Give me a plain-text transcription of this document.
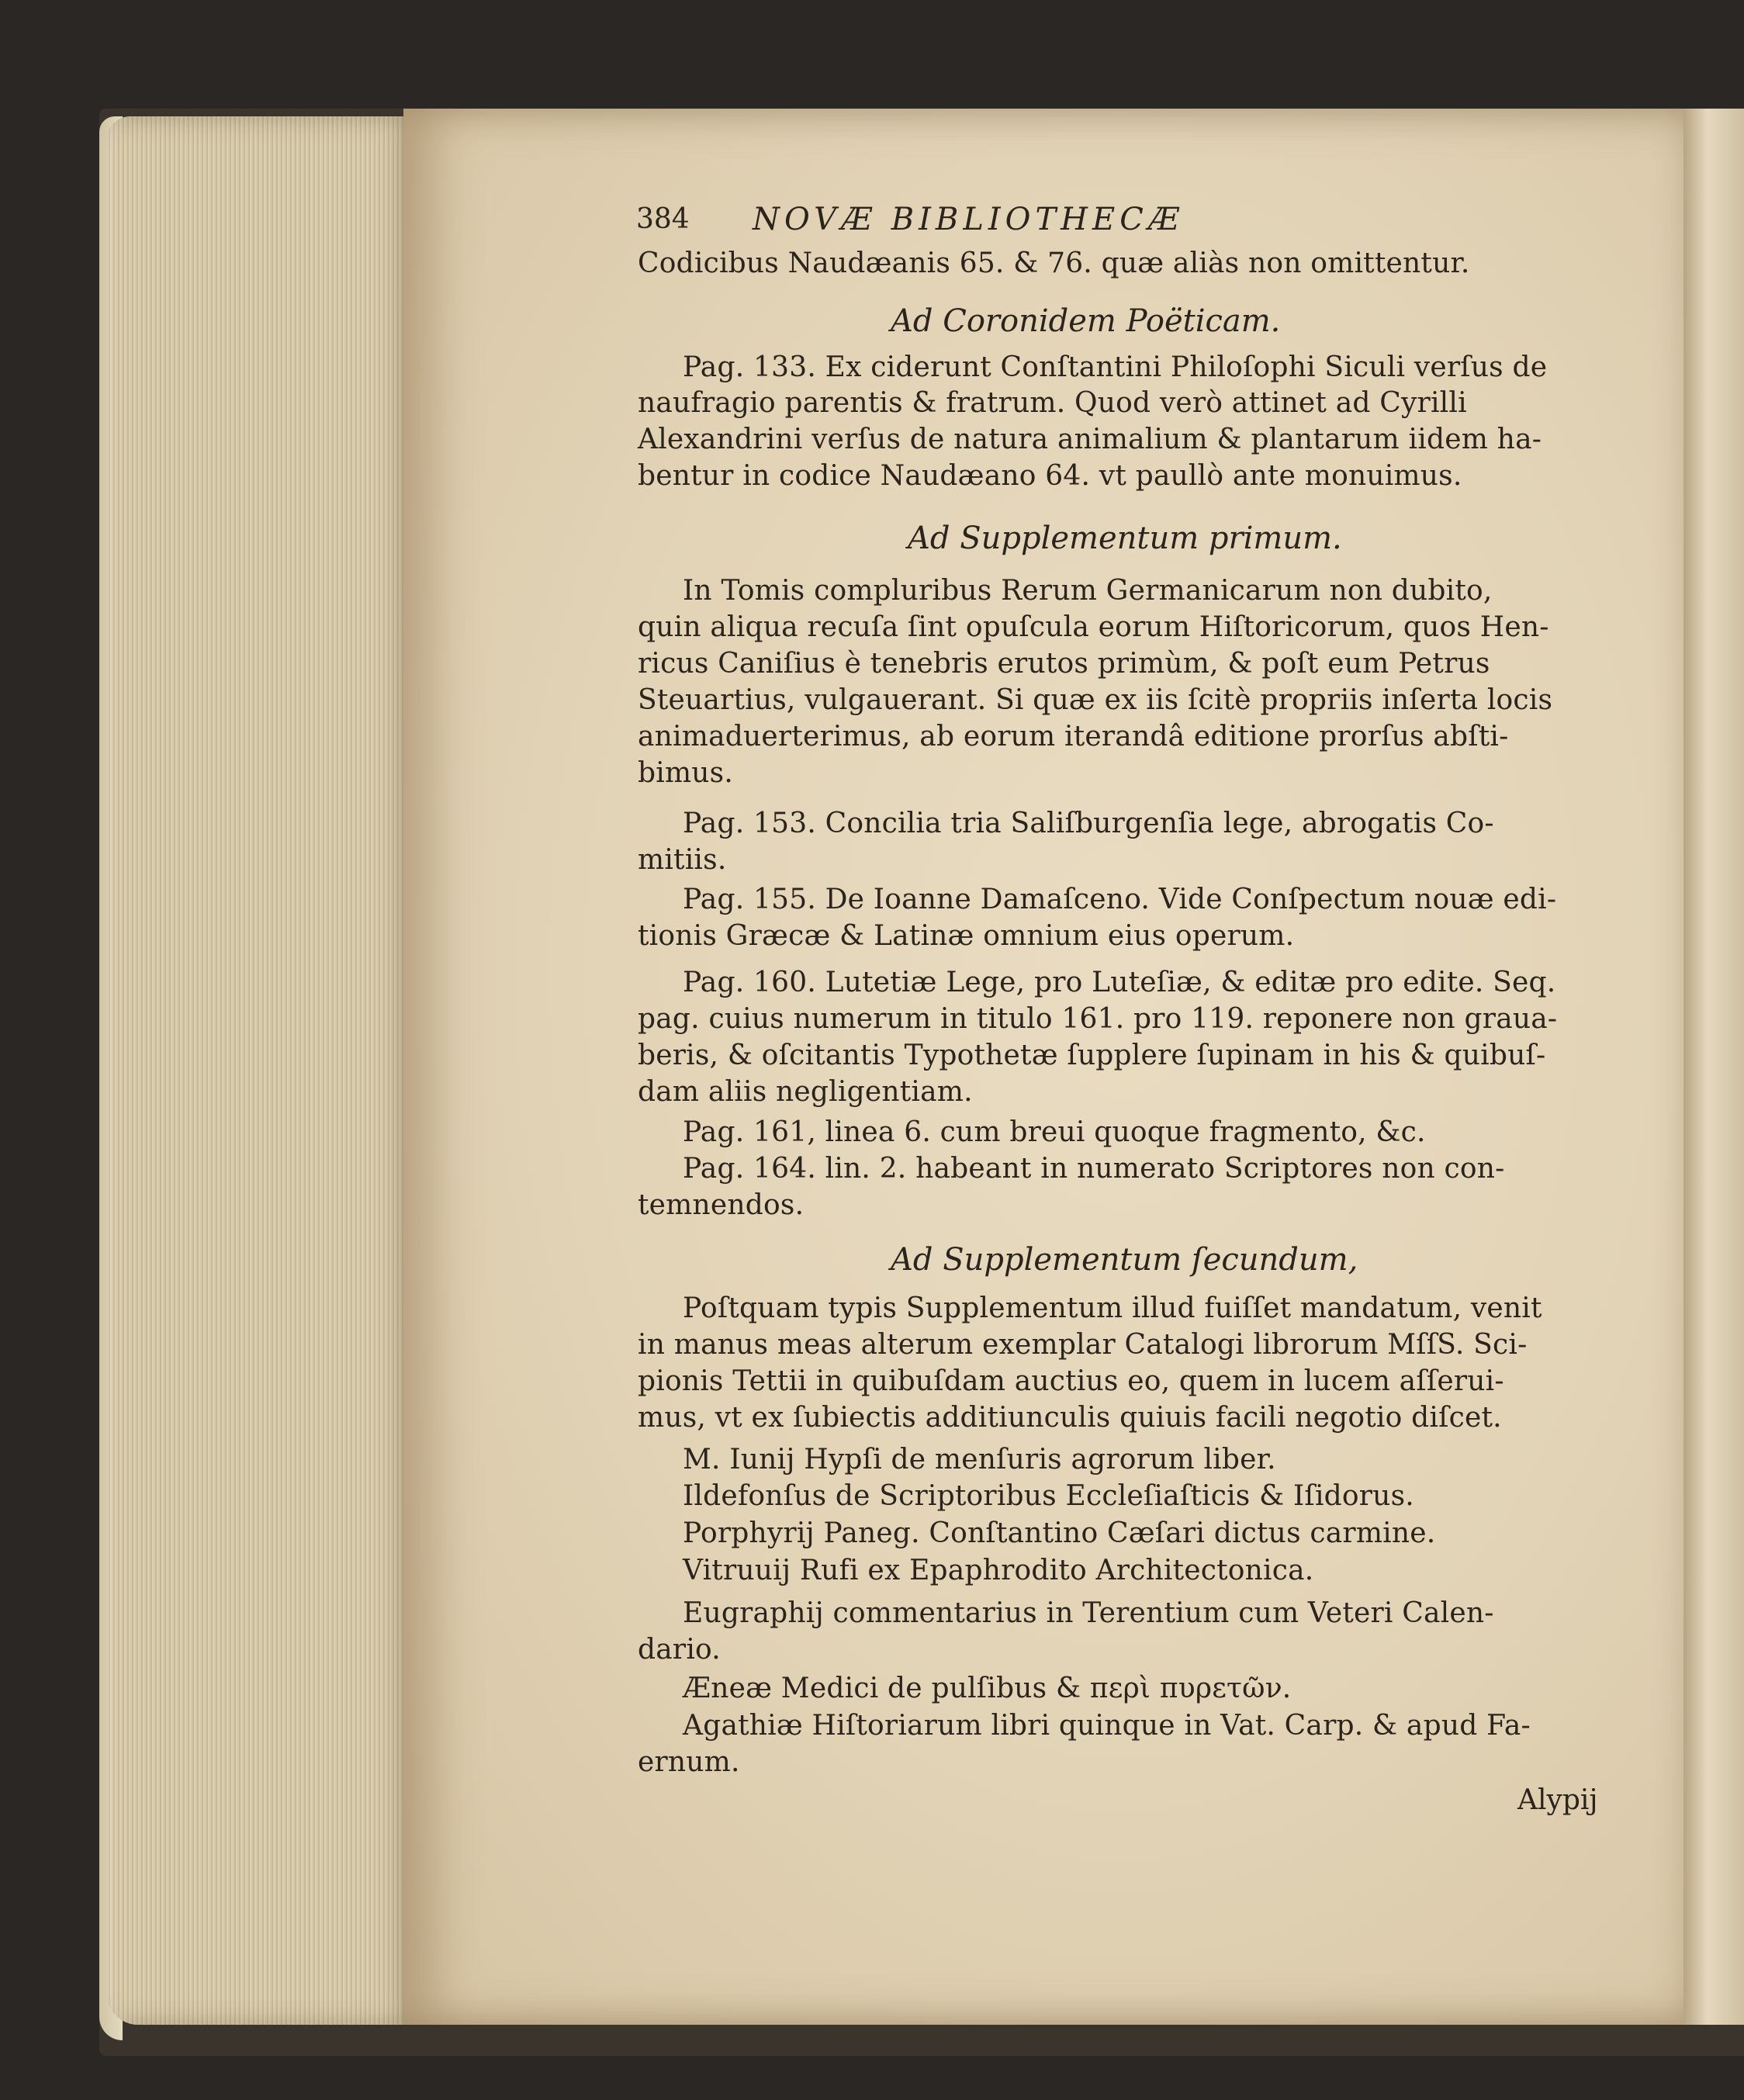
384 NOVÆ BIBLIOTHECÆ
Codicibus Naudæanis 65. & 76. quæ aliàs non omittentur.
Ad Coronidem Poëticam.
Pag. 133. Ex ciderunt Conſtantini Philoſophi Siculi verſus de
naufragio parentis & fratrum. Quod verò attinet ad Cyrilli
Alexandrini verſus de natura animalium & plantarum iidem ha-
bentur in codice Naudæano 64. vt paullò ante monuimus.
Ad Supplementum primum.
In Tomis compluribus Rerum Germanicarum non dubito,
quin aliqua recuſa ſint opuſcula eorum Hiſtoricorum, quos Hen-
ricus Caniſius è tenebris erutos primùm, & poſt eum Petrus
Steuartius, vulgauerant. Si quæ ex iis ſcitè propriis inſerta locis
animaduerterimus, ab eorum iterandâ editione prorſus abſti-
bimus.
Pag. 153. Concilia tria Saliſburgenſia lege, abrogatis Co-
mitiis.
Pag. 155. De Ioanne Damaſceno. Vide Conſpectum nouæ edi-
tionis Græcæ & Latinæ omnium eius operum.
Pag. 160. Lutetiæ Lege, pro Luteſiæ, & editæ pro edite. Seq.
pag. cuius numerum in titulo 161. pro 119. reponere non graua-
beris, & oſcitantis Typothetæ ſupplere ſupinam in his & quibuſ-
dam aliis negligentiam.
Pag. 161, linea 6. cum breui quoque fragmento, &c.
Pag. 164. lin. 2. habeant in numerato Scriptores non con-
temnendos.
Ad Supplementum ſecundum,
Poſtquam typis Supplementum illud fuiſſet mandatum, venit
in manus meas alterum exemplar Catalogi librorum MſſS. Sci-
pionis Tettii in quibuſdam auctius eo, quem in lucem aſſerui-
mus, vt ex ſubiectis additiunculis quiuis facili negotio diſcet.
M. Iunij Hypſi de menſuris agrorum liber.
Ildefonſus de Scriptoribus Eccleſiaſticis & Iſidorus.
Porphyrij Paneg. Conſtantino Cæſari dictus carmine.
Vitruuij Rufi ex Epaphrodito Architectonica.
Eugraphij commentarius in Terentium cum Veteri Calen-
dario.
Æneæ Medici de pulſibus & περὶ πυρετῶν.
Agathiæ Hiſtoriarum libri quinque in Vat. Carp. & apud Fa-
ernum.
Alypij
